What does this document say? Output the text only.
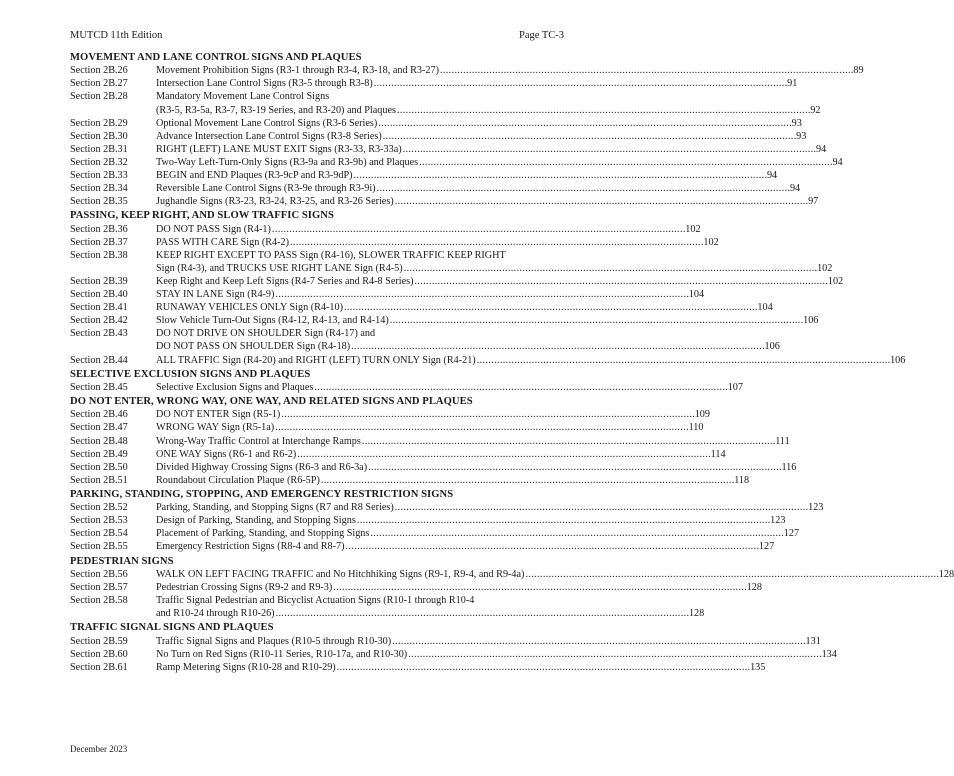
MUTCD 11th Edition	Page TC-3
MOVEMENT AND LANE CONTROL SIGNS AND PLAQUES
Section 2B.26	Movement Prohibition Signs (R3-1 through R3-4, R3-18, and R3-27) . . .	89
Section 2B.27	Intersection Lane Control Signs (R3-5 through R3-8) . . .	91
Section 2B.28	Mandatory Movement Lane Control Signs
(R3-5, R3-5a, R3-7, R3-19 Series, and R3-20) and Plaques . . .	92
Section 2B.29	Optional Movement Lane Control Signs (R3-6 Series) . . .	93
Section 2B.30	Advance Intersection Lane Control Signs (R3-8 Series) . . .	93
Section 2B.31	RIGHT (LEFT) LANE MUST EXIT Signs (R3-33, R3-33a) . . .	94
Section 2B.32	Two-Way Left-Turn-Only Signs (R3-9a and R3-9b) and Plaques . . .	94
Section 2B.33	BEGIN and END Plaques (R3-9cP and R3-9dP) . . .	94
Section 2B.34	Reversible Lane Control Signs (R3-9e through R3-9i) . . .	94
Section 2B.35	Jughandle Signs (R3-23, R3-24, R3-25, and R3-26 Series) . . .	97
PASSING, KEEP RIGHT, AND SLOW TRAFFIC SIGNS
Section 2B.36	DO NOT PASS Sign (R4-1) . . .	102
Section 2B.37	PASS WITH CARE Sign (R4-2) . . .	102
Section 2B.38	KEEP RIGHT EXCEPT TO PASS Sign (R4-16), SLOWER TRAFFIC KEEP RIGHT
Sign (R4-3), and TRUCKS USE RIGHT LANE Sign (R4-5) . . .	102
Section 2B.39	Keep Right and Keep Left Signs (R4-7 Series and R4-8 Series) . . .	102
Section 2B.40	STAY IN LANE Sign (R4-9) . . .	104
Section 2B.41	RUNAWAY VEHICLES ONLY Sign (R4-10) . . .	104
Section 2B.42	Slow Vehicle Turn-Out Signs (R4-12, R4-13, and R4-14) . . .	106
Section 2B.43	DO NOT DRIVE ON SHOULDER Sign (R4-17) and
DO NOT PASS ON SHOULDER Sign (R4-18) . . .	106
Section 2B.44	ALL TRAFFIC Sign (R4-20) and RIGHT (LEFT) TURN ONLY Sign (R4-21) . . .	106
SELECTIVE EXCLUSION SIGNS AND PLAQUES
Section 2B.45	Selective Exclusion Signs and Plaques . . .	107
DO NOT ENTER, WRONG WAY, ONE WAY, AND RELATED SIGNS AND PLAQUES
Section 2B.46	DO NOT ENTER Sign (R5-1) . . .	109
Section 2B.47	WRONG WAY Sign (R5-1a) . . .	110
Section 2B.48	Wrong-Way Traffic Control at Interchange Ramps . . .	111
Section 2B.49	ONE WAY Signs (R6-1 and R6-2) . . .	114
Section 2B.50	Divided Highway Crossing Signs (R6-3 and R6-3a) . . .	116
Section 2B.51	Roundabout Circulation Plaque (R6-5P) . . .	118
PARKING, STANDING, STOPPING, AND EMERGENCY RESTRICTION SIGNS
Section 2B.52	Parking, Standing, and Stopping Signs (R7 and R8 Series) . . .	123
Section 2B.53	Design of Parking, Standing, and Stopping Signs . . .	123
Section 2B.54	Placement of Parking, Standing, and Stopping Signs . . .	127
Section 2B.55	Emergency Restriction Signs (R8-4 and R8-7) . . .	127
PEDESTRIAN SIGNS
Section 2B.56	WALK ON LEFT FACING TRAFFIC and No Hitchhiking Signs (R9-1, R9-4, and R9-4a) . . .	128
Section 2B.57	Pedestrian Crossing Signs (R9-2 and R9-3) . . .	128
Section 2B.58	Traffic Signal Pedestrian and Bicyclist Actuation Signs (R10-1 through R10-4
and R10-24 through R10-26) . . .	128
TRAFFIC SIGNAL SIGNS AND PLAQUES
Section 2B.59	Traffic Signal Signs and Plaques (R10-5 through R10-30) . . .	131
Section 2B.60	No Turn on Red Signs (R10-11 Series, R10-17a, and R10-30) . . .	134
Section 2B.61	Ramp Metering Signs (R10-28 and R10-29) . . .	135
December 2023
